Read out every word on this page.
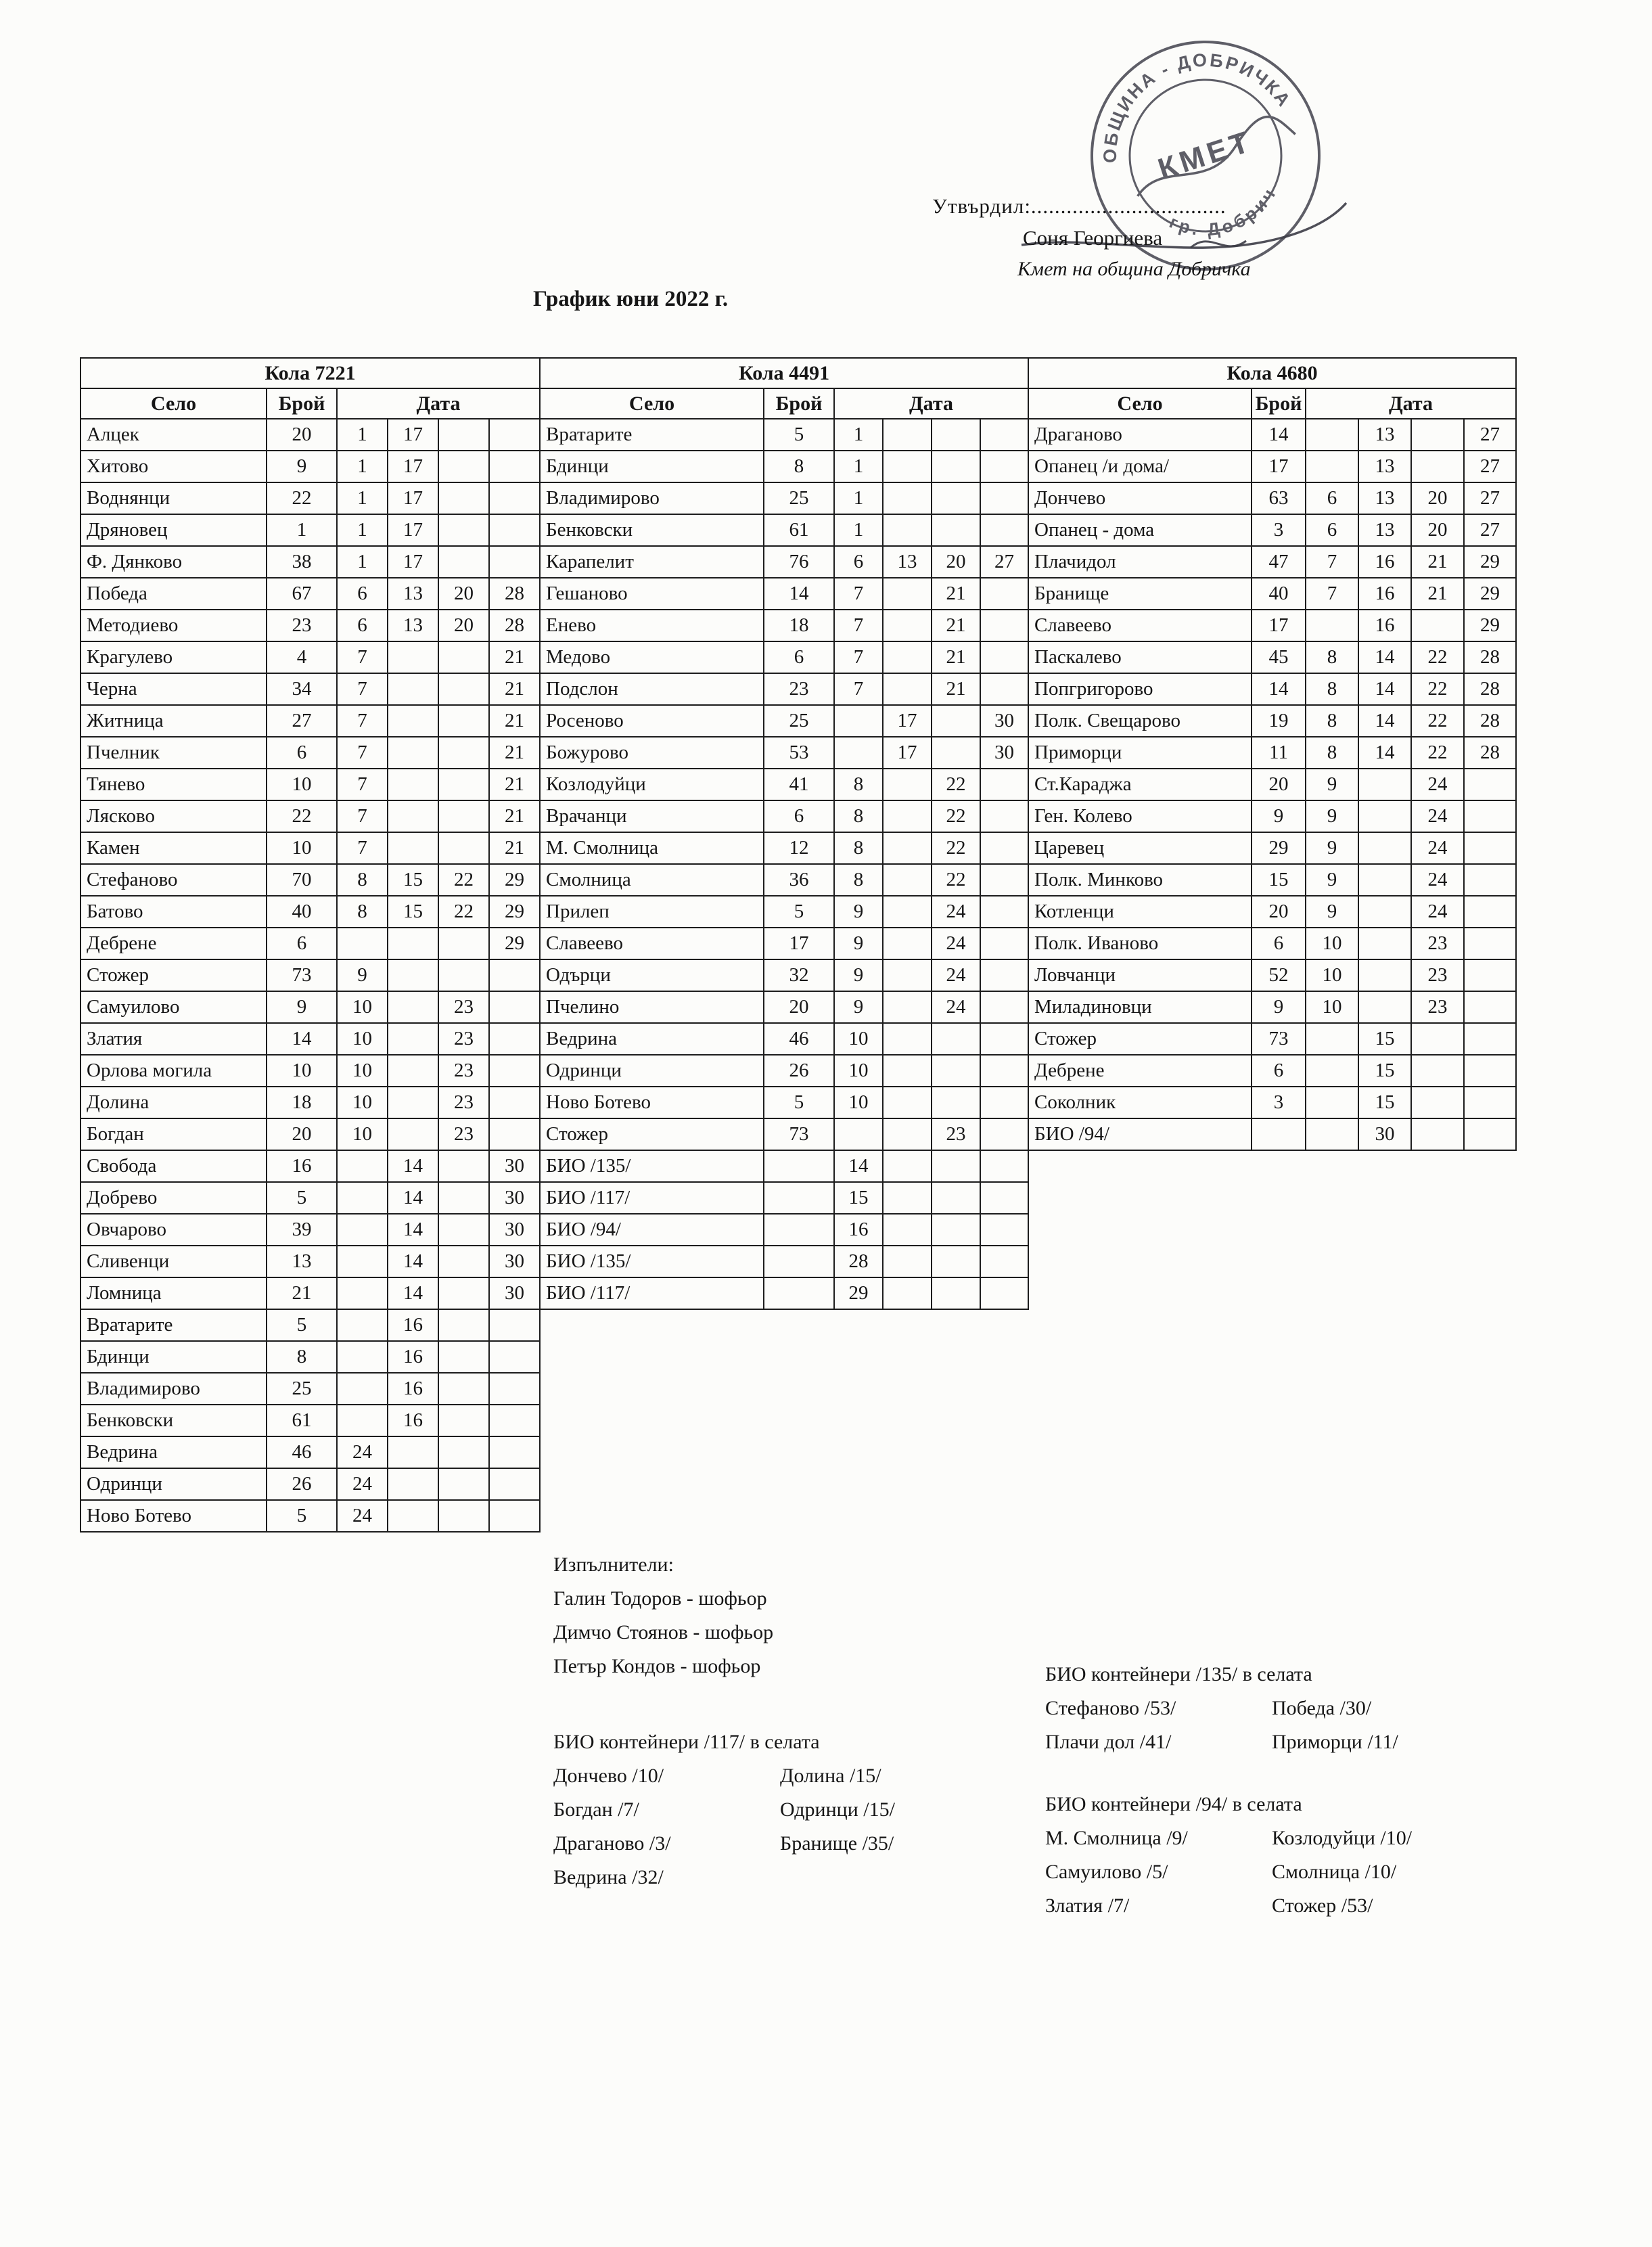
ОБЩИНА - ДОБРИЧКА
гр. Добрич
КМЕТ
Утвърдил:.................................
Соня Георгиева
Кмет на община Добричка
График юни 2022 г.
Кола 7221					
Село	Брой	Дата			
Алцек	20	1	17		
Хитово	9	1	17		
Воднянци	22	1	17		
Дряновец	1	1	17		
Ф. Дянково	38	1	17		
Победа	67	6	13	20	28
Методиево	23	6	13	20	28
Крагулево	4	7			21
Черна	34	7			21
Житница	27	7			21
Пчелник	6	7			21
Тянево	10	7			21
Лясково	22	7			21
Камен	10	7			21
Стефаново	70	8	15	22	29
Батово	40	8	15	22	29
Дебрене	6				29
Стожер	73	9			
Самуилово	9	10		23	
Златия	14	10		23	
Орлова могила	10	10		23	
Долина	18	10		23	
Богдан	20	10		23	
Свобода	16		14		30
Добрево	5		14		30
Овчарово	39		14		30
Сливенци	13		14		30
Ломница	21		14		30
Вратарите	5		16		
Бдинци	8		16		
Владимирово	25		16		
Бенковски	61		16		
Ведрина	46	24			
Одринци	26	24			
Ново Ботево	5	24			
Кола 4491					
Село	Брой	Дата			
Вратарите	5	1			
Бдинци	8	1			
Владимирово	25	1			
Бенковски	61	1			
Карапелит	76	6	13	20	27
Гешаново	14	7		21	
Енево	18	7		21	
Медово	6	7		21	
Подслон	23	7		21	
Росеново	25		17		30
Божурово	53		17		30
Козлодуйци	41	8		22	
Врачанци	6	8		22	
М. Смолница	12	8		22	
Смолница	36	8		22	
Прилеп	5	9		24	
Славеево	17	9		24	
Одърци	32	9		24	
Пчелино	20	9		24	
Ведрина	46	10			
Одринци	26	10			
Ново Ботево	5	10			
Стожер	73			23	
БИО /135/		14			
БИО /117/		15			
БИО /94/		16			
БИО /135/		28			
БИО /117/		29			
Кола 4680					
Село	Брой	Дата			
Драганово	14		13		27
Опанец /и дома/	17		13		27
Дончево	63	6	13	20	27
Опанец - дома	3	6	13	20	27
Плачидол	47	7	16	21	29
Бранище	40	7	16	21	29
Славеево	17		16		29
Паскалево	45	8	14	22	28
Попгригорово	14	8	14	22	28
Полк. Свещарово	19	8	14	22	28
Приморци	11	8	14	22	28
Ст.Караджа	20	9		24	
Ген. Колево	9	9		24	
Царевец	29	9		24	
Полк. Минково	15	9		24	
Котленци	20	9		24	
Полк. Иваново	6	10		23	
Ловчанци	52	10		23	
Миладиновци	9	10		23	
Стожер	73		15		
Дебрене	6		15		
Соколник	3		15		
БИО /94/			30		
Изпълнители:
Галин Тодоров - шофьор
Димчо Стоянов - шофьор
Петър Кондов - шофьор	БИО контейнери /135/ в селата
Стефаново /53/	Победа /30/
Плачи дол /41/	Приморци /11/
БИО контейнери /117/ в селата
Дончево /10/	Долина /15/
Богдан /7/	Одринци /15/
Драганово /3/	Бранище /35/
Ведрина /32/
БИО контейнери /94/ в селата
М. Смолница /9/	Козлодуйци /10/
Самуилово /5/	Смолница /10/
Златия /7/	Стожер /53/
